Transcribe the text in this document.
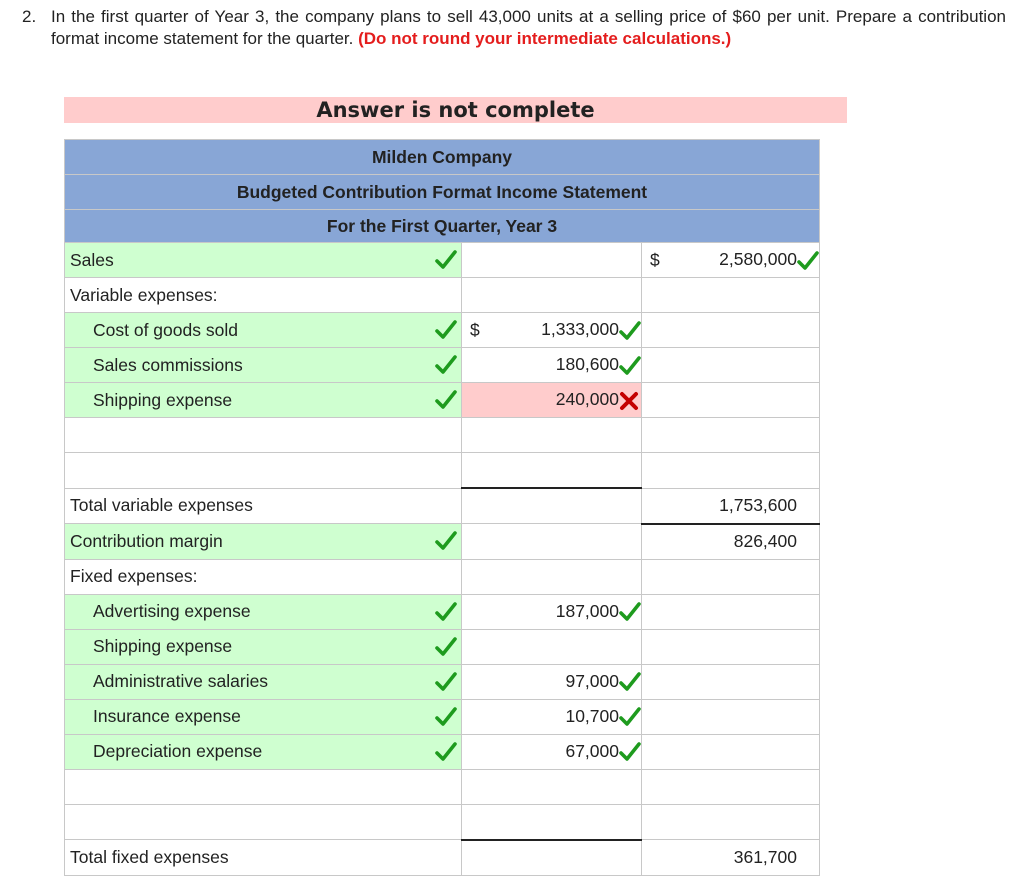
2. In the first quarter of Year 3, the company plans to sell 43,000 units at a selling price of $60 per unit. Prepare a contribution format income statement for the quarter. (Do not round your intermediate calculations.)
Answer is not complete
Milden Company		
Budgeted Contribution Format Income Statement		
For the First Quarter, Year 3		

Sales		$ 2,580,000

Variable expenses:		

Cost of goods sold	$ 1,333,000

Sales commissions	180,600

Shipping expense	240,000

Total variable expenses		1,753,600

Contribution margin		826,400
Fixed expenses:		

Advertising expense	187,000

Shipping expense		

Administrative salaries	97,000

Insurance expense	10,700

Depreciation expense	67,000

Total fixed expenses		361,700
